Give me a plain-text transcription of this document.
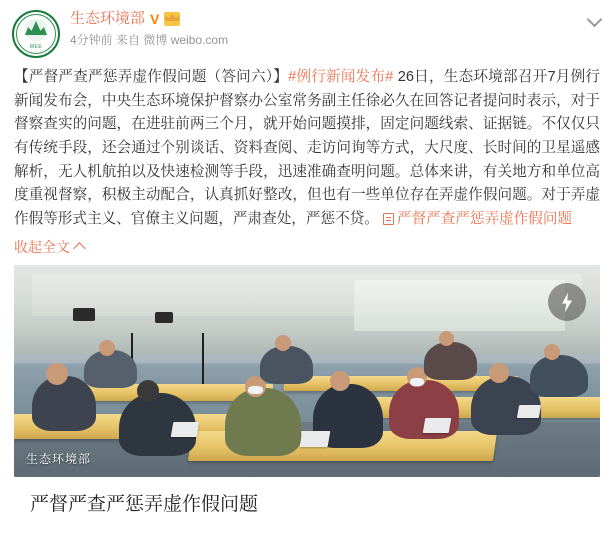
MEE
生态环境部 V
4分钟前 来自 微博 weibo.com
【严督严查严惩弄虚作假问题（答问六）】#例行新闻发布# 26日，生态环境部召开7月例行新闻发布会，中央生态环境保护督察办公室常务副主任徐必久在回答记者提问时表示，对于督察查实的问题，在进驻前两三个月，就开始问题摸排，固定问题线索、证据链。不仅仅只有传统手段，还会通过个别谈话、资料查阅、走访问询等方式，大尺度、长时间的卫星遥感解析，无人机航拍以及快速检测等手段，迅速准确查明问题。总体来讲，有关地方和单位高度重视督察，积极主动配合，认真抓好整改，但也有一些单位存在弄虚作假问题。对于弄虚作假等形式主义、官僚主义问题，严肃查处，严惩不贷。 严督严查严惩弄虚作假问题
收起全文
生态环境部
严督严查严惩弄虚作假问题
